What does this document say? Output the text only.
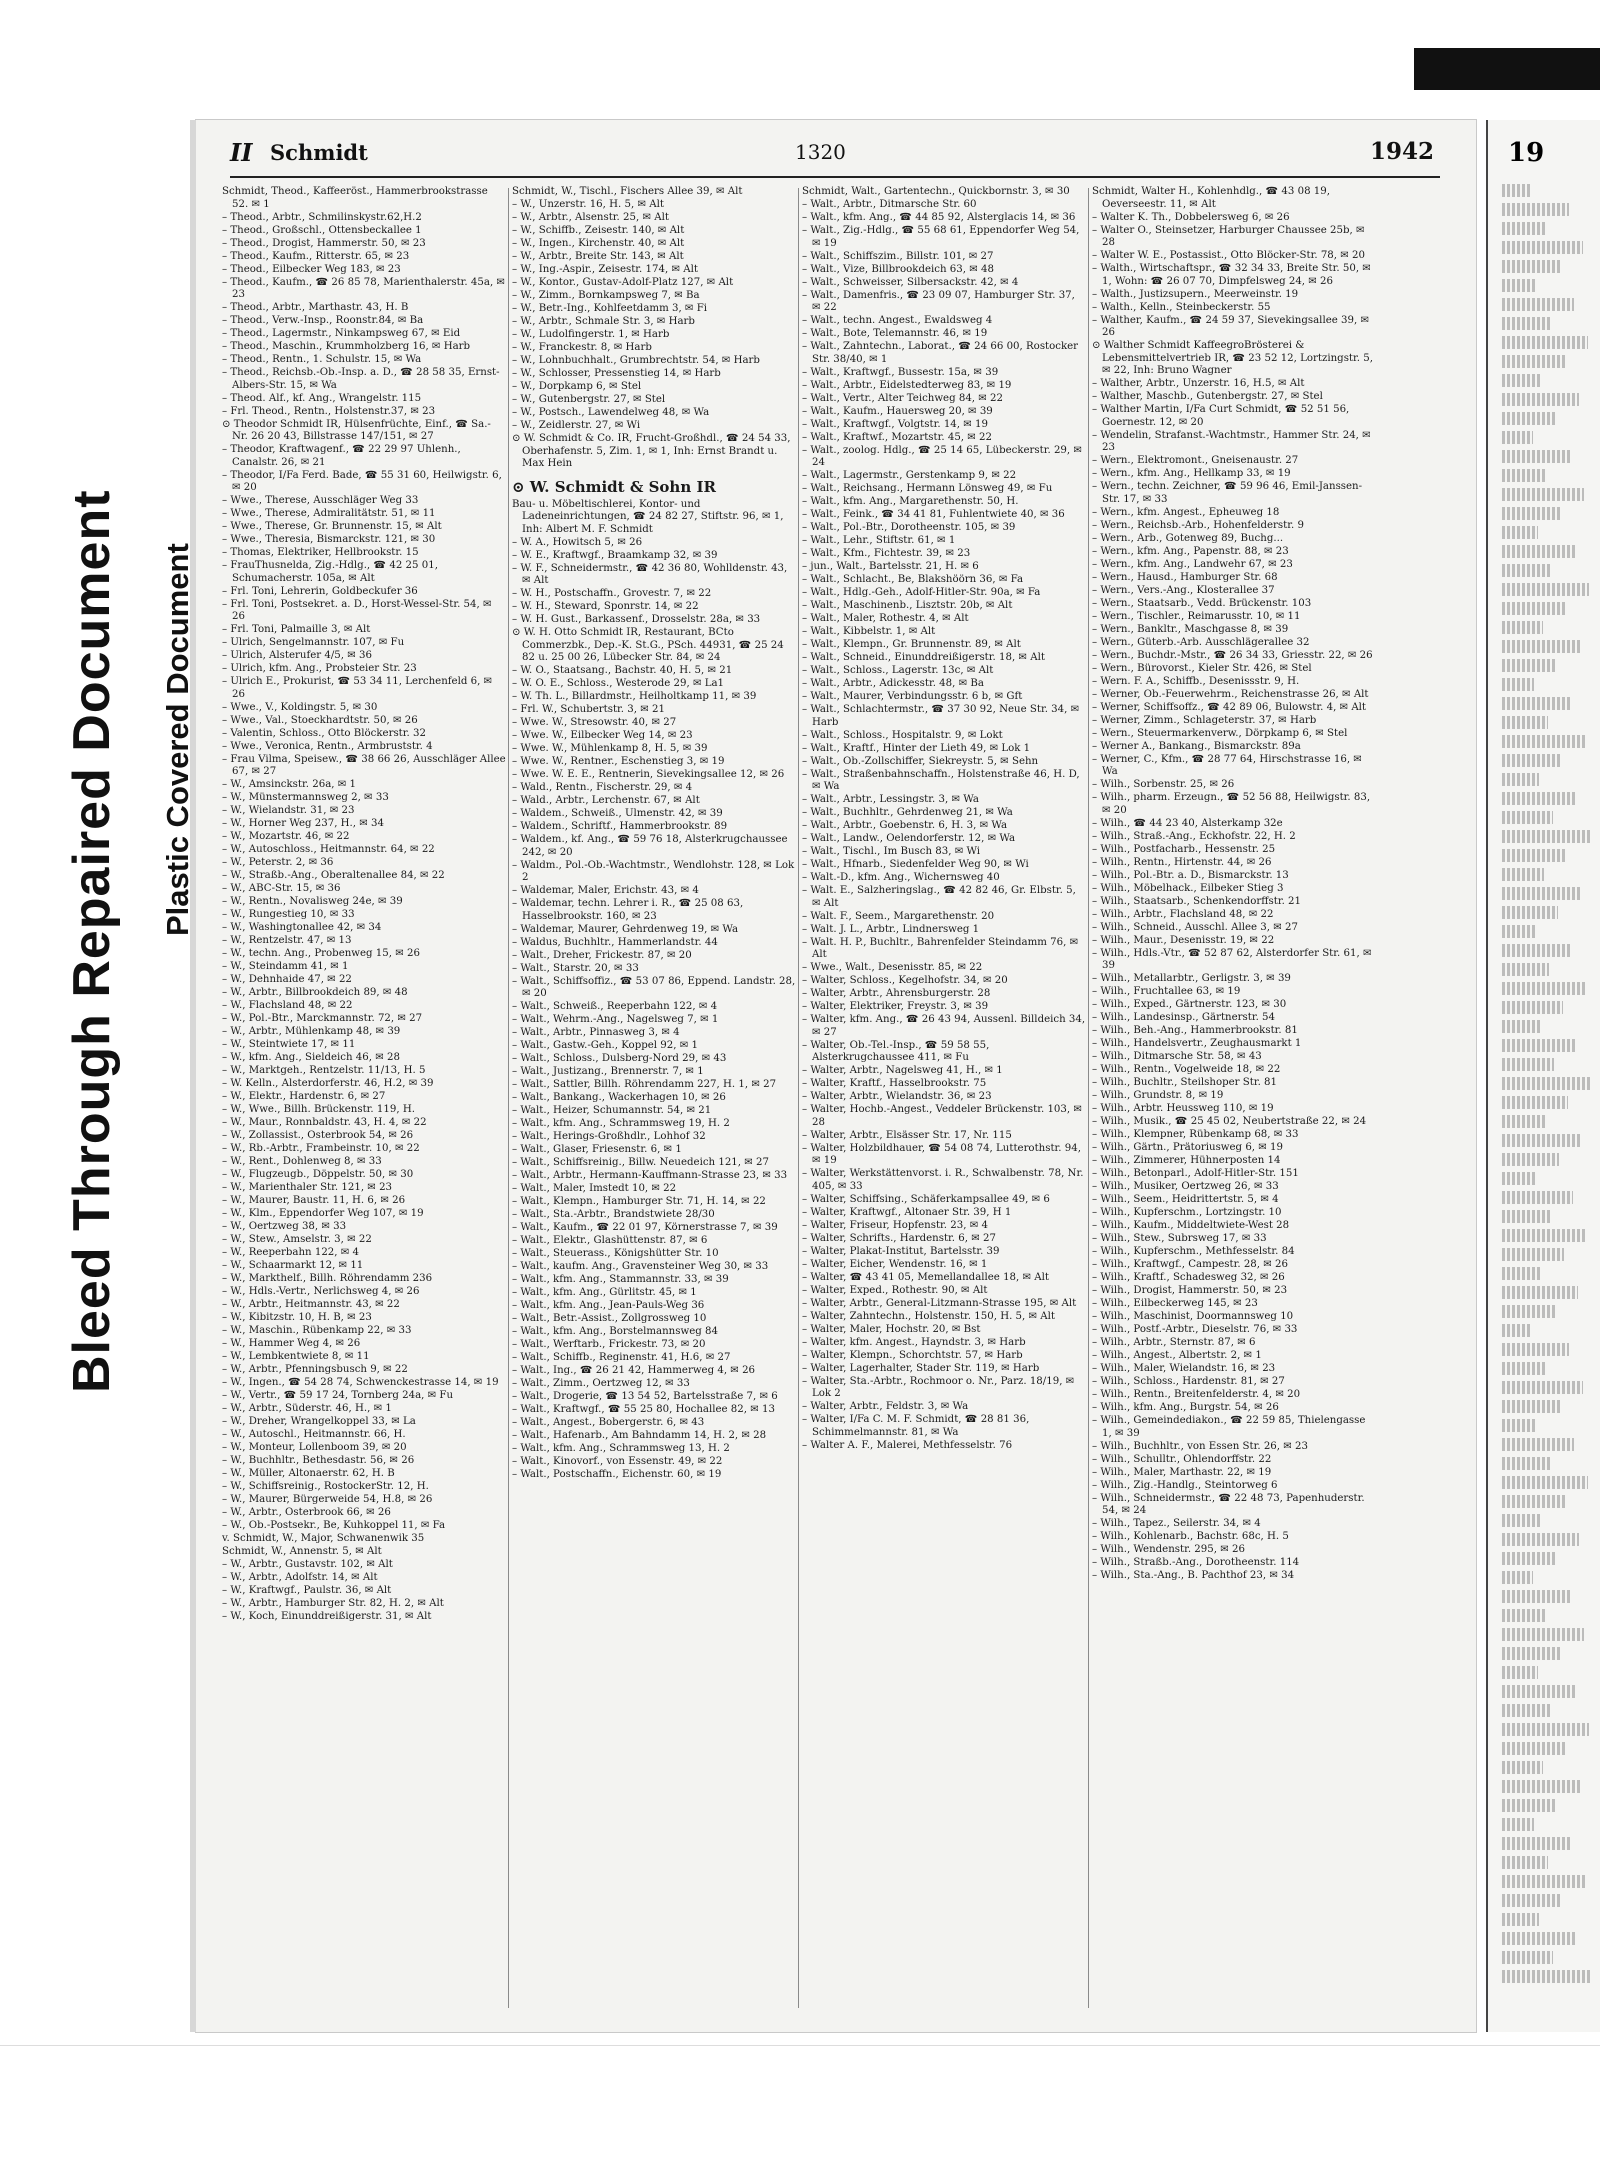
Bleed Through Repaired Document Plastic Covered Document
II Schmidt	1320	1942
Schmidt, Theod., Kaffeeröst., Hammerbrookstrasse 52. ✉ 1
– Theod., Arbtr., Schmilinskystr.62,H.2
– Theod., Großschl., Ottensbeckallee 1
– Theod., Drogist, Hammerstr. 50, ✉ 23
– Theod., Kaufm., Ritterstr. 65, ✉ 23
– Theod., Eilbecker Weg 183, ✉ 23
– Theod., Kaufm., ☎ 26 85 78, Marienthalerstr. 45a, ✉ 23
– Theod., Arbtr., Marthastr. 43, H. B
– Theod., Verw.-Insp., Roonstr.84, ✉ Ba
– Theod., Lagermstr., Ninkampsweg 67, ✉ Eid
– Theod., Maschin., Krummholzberg 16, ✉ Harb
– Theod., Rentn., 1. Schulstr. 15, ✉ Wa
– Theod., Reichsb.-Ob.-Insp. a. D., ☎ 28 58 35, Ernst-Albers-Str. 15, ✉ Wa
– Theod. Alf., kf. Ang., Wrangelstr. 115
– Frl. Theod., Rentn., Holstenstr.37, ✉ 23
⊙ Theodor Schmidt IR, Hülsenfrüchte, Einf., ☎ Sa.-Nr. 26 20 43, Billstrasse 147/151, ✉ 27
– Theodor, Kraftwagenf., ☎ 22 29 97 Uhlenh., Canalstr. 26, ✉ 21
– Theodor, I/Fa Ferd. Bade, ☎ 55 31 60, Heilwigstr. 6, ✉ 20
– Wwe., Therese, Ausschläger Weg 33
– Wwe., Therese, Admiralitätstr. 51, ✉ 11
– Wwe., Therese, Gr. Brunnenstr. 15, ✉ Alt
– Wwe., Theresia, Bismarckstr. 121, ✉ 30
– Thomas, Elektriker, Hellbrookstr. 15
– FrauThusnelda, Zig.-Hdlg., ☎ 42 25 01, Schumacherstr. 105a, ✉ Alt
– Frl. Toni, Lehrerin, Goldbeckufer 36
– Frl. Toni, Postsekret. a. D., Horst-Wessel-Str. 54, ✉ 26
– Frl. Toni, Palmaille 3, ✉ Alt
– Ulrich, Sengelmannstr. 107, ✉ Fu
– Ulrich, Alsterufer 4/5, ✉ 36
– Ulrich, kfm. Ang., Probsteier Str. 23
– Ulrich E., Prokurist, ☎ 53 34 11, Lerchenfeld 6, ✉ 26
– Wwe., V., Koldingstr. 5, ✉ 30
– Wwe., Val., Stoeckhardtstr. 50, ✉ 26
– Valentin, Schloss., Otto Blöckerstr. 32
– Wwe., Veronica, Rentn., Armbruststr. 4
– Frau Vilma, Speisew., ☎ 38 66 26, Ausschläger Allee 67, ✉ 27
– W., Amsinckstr. 26a, ✉ 1
– W., Münstermannsweg 2, ✉ 33
– W., Wielandstr. 31, ✉ 23
– W., Horner Weg 237, H., ✉ 34
– W., Mozartstr. 46, ✉ 22
– W., Autoschloss., Heitmannstr. 64, ✉ 22
– W., Peterstr. 2, ✉ 36
– W., Straßb.-Ang., Oberaltenallee 84, ✉ 22
– W., ABC-Str. 15, ✉ 36
– W., Rentn., Novalisweg 24e, ✉ 39
– W., Rungestieg 10, ✉ 33
– W., Washingtonallee 42, ✉ 34
– W., Rentzelstr. 47, ✉ 13
– W., techn. Ang., Probenweg 15, ✉ 26
– W., Steindamm 41, ✉ 1
– W., Dehnhaide 47, ✉ 22
– W., Arbtr., Billbrookdeich 89, ✉ 48
– W., Flachsland 48, ✉ 22
– W., Pol.-Btr., Marckmannstr. 72, ✉ 27
– W., Arbtr., Mühlenkamp 48, ✉ 39
– W., Steintwiete 17, ✉ 11
– W., kfm. Ang., Sieldeich 46, ✉ 28
– W., Marktgeh., Rentzelstr. 11/13, H. 5
– W. Kelln., Alsterdorferstr. 46, H.2, ✉ 39
– W., Elektr., Hardenstr. 6, ✉ 27
– W., Wwe., Billh. Brückenstr. 119, H.
– W., Maur., Ronnbaldstr. 43, H. 4, ✉ 22
– W., Zollassist., Osterbrook 54, ✉ 26
– W., Rb.-Arbtr., Frambeinstr. 10, ✉ 22
– W., Rent., Dohlenweg 8, ✉ 33
– W., Flugzeugb., Döppelstr. 50, ✉ 30
– W., Marienthaler Str. 121, ✉ 23
– W., Maurer, Baustr. 11, H. 6, ✉ 26
– W., Klm., Eppendorfer Weg 107, ✉ 19
– W., Oertzweg 38, ✉ 33
– W., Stew., Amselstr. 3, ✉ 22
– W., Reeperbahn 122, ✉ 4
– W., Schaarmarkt 12, ✉ 11
– W., Markthelf., Billh. Röhrendamm 236
– W., Hdls.-Vertr., Nerlichsweg 4, ✉ 26
– W., Arbtr., Heitmannstr. 43, ✉ 22
– W., Kibitzstr. 10, H. B, ✉ 23
– W., Maschin., Rübenkamp 22, ✉ 33
– W., Hammer Weg 4, ✉ 26
– W., Lembkentwiete 8, ✉ 11
– W., Arbtr., Pfenningsbusch 9, ✉ 22
– W., Ingen., ☎ 54 28 74, Schwenckestrasse 14, ✉ 19
– W., Vertr., ☎ 59 17 24, Tornberg 24a, ✉ Fu
– W., Arbtr., Süderstr. 46, H., ✉ 1
– W., Dreher, Wrangelkoppel 33, ✉ La
– W., Autoschl., Heitmannstr. 66, H.
– W., Monteur, Lollenboom 39, ✉ 20
– W., Buchhltr., Bethesdastr. 56, ✉ 26
– W., Müller, Altonaerstr. 62, H. B
– W., Schiffsreinig., RostockerStr. 12, H.
– W., Maurer, Bürgerweide 54, H.8, ✉ 26
– W., Arbtr., Osterbrook 66, ✉ 26
– W., Ob.-Postsekr., Be, Kuhkoppel 11, ✉ Fa
v. Schmidt, W., Major, Schwanenwik 35
Schmidt, W., Annenstr. 5, ✉ Alt
– W., Arbtr., Gustavstr. 102, ✉ Alt
– W., Arbtr., Adolfstr. 14, ✉ Alt
– W., Kraftwgf., Paulstr. 36, ✉ Alt
– W., Arbtr., Hamburger Str. 82, H. 2, ✉ Alt
– W., Koch, Einunddreißigerstr. 31, ✉ Alt
Schmidt, W., Tischl., Fischers Allee 39, ✉ Alt
– W., Unzerstr. 16, H. 5, ✉ Alt
– W., Arbtr., Alsenstr. 25, ✉ Alt
– W., Schiffb., Zeisestr. 140, ✉ Alt
– W., Ingen., Kirchenstr. 40, ✉ Alt
– W., Arbtr., Breite Str. 143, ✉ Alt
– W., Ing.-Aspir., Zeisestr. 174, ✉ Alt
– W., Kontor., Gustav-Adolf-Platz 127, ✉ Alt
– W., Zimm., Bornkampsweg 7, ✉ Ba
– W., Betr.-Ing., Kohlfeetdamm 3, ✉ Fi
– W., Arbtr., Schmale Str. 3, ✉ Harb
– W., Ludolfingerstr. 1, ✉ Harb
– W., Franckestr. 8, ✉ Harb
– W., Lohnbuchhalt., Grumbrechtstr. 54, ✉ Harb
– W., Schlosser, Pressenstieg 14, ✉ Harb
– W., Dorpkamp 6, ✉ Stel
– W., Gutenbergstr. 27, ✉ Stel
– W., Postsch., Lawendelweg 48, ✉ Wa
– W., Zeidlerstr. 27, ✉ Wi
⊙ W. Schmidt & Co. IR, Frucht-Großhdl., ☎ 24 54 33, Oberhafenstr. 5, Zim. 1, ✉ 1, Inh: Ernst Brandt u. Max Hein
⊙ W. Schmidt & Sohn IR
Bau- u. Möbeltischlerei, Kontor- und Ladeneinrichtungen, ☎ 24 82 27, Stiftstr. 96, ✉ 1, Inh: Albert M. F. Schmidt
– W. A., Howitsch 5, ✉ 26
– W. E., Kraftwgf., Braamkamp 32, ✉ 39
– W. F., Schneidermstr., ☎ 42 36 80, Wohlldenstr. 43, ✉ Alt
– W. H., Postschaffn., Grovestr. 7, ✉ 22
– W. H., Steward, Sponrstr. 14, ✉ 22
– W. H. Gust., Barkassenf., Drosselstr. 28a, ✉ 33
⊙ W. H. Otto Schmidt IR, Restaurant, BCto Commerzbk., Dep.-K. St.G., PSch. 44931, ☎ 25 24 82 u. 25 00 26, Lübecker Str. 84, ✉ 24
– W. O., Staatsang., Bachstr. 40, H. 5, ✉ 21
– W. O. E., Schloss., Westerode 29, ✉ La1
– W. Th. L., Billardmstr., Heilholtkamp 11, ✉ 39
– Frl. W., Schubertstr. 3, ✉ 21
– Wwe. W., Stresowstr. 40, ✉ 27
– Wwe. W., Eilbecker Weg 14, ✉ 23
– Wwe. W., Mühlenkamp 8, H. 5, ✉ 39
– Wwe. W., Rentner., Eschenstieg 3, ✉ 19
– Wwe. W. E. E., Rentnerin, Sievekingsallee 12, ✉ 26
– Wald., Rentn., Fischerstr. 29, ✉ 4
– Wald., Arbtr., Lerchenstr. 67, ✉ Alt
– Waldem., Schweiß., Ulmenstr. 42, ✉ 39
– Waldem., Schriftf., Hammerbrookstr. 89
– Waldem., kf. Ang., ☎ 59 76 18, Alsterkrugchaussee 242, ✉ 20
– Waldm., Pol.-Ob.-Wachtmstr., Wendlohstr. 128, ✉ Lok 2
– Waldemar, Maler, Erichstr. 43, ✉ 4
– Waldemar, techn. Lehrer i. R., ☎ 25 08 63, Hasselbrookstr. 160, ✉ 23
– Waldemar, Maurer, Gehrdenweg 19, ✉ Wa
– Waldus, Buchhltr., Hammerlandstr. 44
– Walt., Dreher, Frickestr. 87, ✉ 20
– Walt., Starstr. 20, ✉ 33
– Walt., Schiffsoffiz., ☎ 53 07 86, Eppend. Landstr. 28, ✉ 20
– Walt., Schweiß., Reeperbahn 122, ✉ 4
– Walt., Wehrm.-Ang., Nagelsweg 7, ✉ 1
– Walt., Arbtr., Pinnasweg 3, ✉ 4
– Walt., Gastw.-Geh., Koppel 92, ✉ 1
– Walt., Schloss., Dulsberg-Nord 29, ✉ 43
– Walt., Justizang., Brennerstr. 7, ✉ 1
– Walt., Sattler, Billh. Röhrendamm 227, H. 1, ✉ 27
– Walt., Bankang., Wackerhagen 10, ✉ 26
– Walt., Heizer, Schumannstr. 54, ✉ 21
– Walt., kfm. Ang., Schrammsweg 19, H. 2
– Walt., Herings-Großhdlr., Lohhof 32
– Walt., Glaser, Friesenstr. 6, ✉ 1
– Walt., Schiffsreinig., Billw. Neuedeich 121, ✉ 27
– Walt., Arbtr., Hermann-Kauffmann-Strasse 23, ✉ 33
– Walt., Maler, Imstedt 10, ✉ 22
– Walt., Klempn., Hamburger Str. 71, H. 14, ✉ 22
– Walt., Sta.-Arbtr., Brandstwiete 28/30
– Walt., Kaufm., ☎ 22 01 97, Körnerstrasse 7, ✉ 39
– Walt., Elektr., Glashüttenstr. 87, ✉ 6
– Walt., Steuerass., Königshütter Str. 10
– Walt., kaufm. Ang., Gravensteiner Weg 30, ✉ 33
– Walt., kfm. Ang., Stammannstr. 33, ✉ 39
– Walt., kfm. Ang., Gürlitstr. 45, ✉ 1
– Walt., kfm. Ang., Jean-Pauls-Weg 36
– Walt., Betr.-Assist., Zollgrossweg 10
– Walt., kfm. Ang., Borstelmannsweg 84
– Walt., Werftarb., Frickestr. 73, ✉ 20
– Walt., Schiffb., Reginenstr. 41, H.6, ✉ 27
– Walt., Ing., ☎ 26 21 42, Hammerweg 4, ✉ 26
– Walt., Zimm., Oertzweg 12, ✉ 33
– Walt., Drogerie, ☎ 13 54 52, Bartelsstraße 7, ✉ 6
– Walt., Kraftwgf., ☎ 55 25 80, Hochallee 82, ✉ 13
– Walt., Angest., Bobergerstr. 6, ✉ 43
– Walt., Hafenarb., Am Bahndamm 14, H. 2, ✉ 28
– Walt., kfm. Ang., Schrammsweg 13, H. 2
– Walt., Kinovorf., von Essenstr. 49, ✉ 22
– Walt., Postschaffn., Eichenstr. 60, ✉ 19
Schmidt, Walt., Gartentechn., Quickbornstr. 3, ✉ 30
– Walt., Arbtr., Ditmarsche Str. 60
– Walt., kfm. Ang., ☎ 44 85 92, Alsterglacis 14, ✉ 36
– Walt., Zig.-Hdlg., ☎ 55 68 61, Eppendorfer Weg 54, ✉ 19
– Walt., Schiffszim., Billstr. 101, ✉ 27
– Walt., Vize, Billbrookdeich 63, ✉ 48
– Walt., Schweisser, Silbersackstr. 42, ✉ 4
– Walt., Damenfris., ☎ 23 09 07, Hamburger Str. 37, ✉ 22
– Walt., techn. Angest., Ewaldsweg 4
– Walt., Bote, Telemannstr. 46, ✉ 19
– Walt., Zahntechn., Laborat., ☎ 24 66 00, Rostocker Str. 38/40, ✉ 1
– Walt., Kraftwgf., Bussestr. 15a, ✉ 39
– Walt., Arbtr., Eidelstedterweg 83, ✉ 19
– Walt., Vertr., Alter Teichweg 84, ✉ 22
– Walt., Kaufm., Hauersweg 20, ✉ 39
– Walt., Kraftwgf., Volgtstr. 14, ✉ 19
– Walt., Kraftwf., Mozartstr. 45, ✉ 22
– Walt., zoolog. Hdlg., ☎ 25 14 65, Lübeckerstr. 29, ✉ 24
– Walt., Lagermstr., Gerstenkamp 9, ✉ 22
– Walt., Reichsang., Hermann Lönsweg 49, ✉ Fu
– Walt., kfm. Ang., Margarethenstr. 50, H.
– Walt., Feink., ☎ 34 41 81, Fuhlentwiete 40, ✉ 36
– Walt., Pol.-Btr., Dorotheenstr. 105, ✉ 39
– Walt., Lehr., Stiftstr. 61, ✉ 1
– Walt., Kfm., Fichtestr. 39, ✉ 23
– jun., Walt., Bartelsstr. 21, H. ✉ 6
– Walt., Schlacht., Be, Blakshöörn 36, ✉ Fa
– Walt., Hdlg.-Geh., Adolf-Hitler-Str. 90a, ✉ Fa
– Walt., Maschinenb., Lisztstr. 20b, ✉ Alt
– Walt., Maler, Rothestr. 4, ✉ Alt
– Walt., Kibbelstr. 1, ✉ Alt
– Walt., Klempn., Gr. Brunnenstr. 89, ✉ Alt
– Walt., Schneid., Einunddreißigerstr. 18, ✉ Alt
– Walt., Schloss., Lagerstr. 13c, ✉ Alt
– Walt., Arbtr., Adickesstr. 48, ✉ Ba
– Walt., Maurer, Verbindungsstr. 6 b, ✉ Gft
– Walt., Schlachtermstr., ☎ 37 30 92, Neue Str. 34, ✉ Harb
– Walt., Schloss., Hospitalstr. 9, ✉ Lokt
– Walt., Kraftf., Hinter der Lieth 49, ✉ Lok 1
– Walt., Ob.-Zollschiffer, Siekreystr. 5, ✉ Sehn
– Walt., Straßenbahnschaffn., Holstenstraße 46, H. D, ✉ Wa
– Walt., Arbtr., Lessingstr. 3, ✉ Wa
– Walt., Buchhltr., Gehrdenweg 21, ✉ Wa
– Walt., Arbtr., Goebenstr. 6, H. 3, ✉ Wa
– Walt., Landw., Oelendorferstr. 12, ✉ Wa
– Walt., Tischl., Im Busch 83, ✉ Wi
– Walt., Hfnarb., Siedenfelder Weg 90, ✉ Wi
– Walt.-D., kfm. Ang., Wichernsweg 40
– Walt. E., Salzheringslag., ☎ 42 82 46, Gr. Elbstr. 5, ✉ Alt
– Walt. F., Seem., Margarethenstr. 20
– Walt. J. L., Arbtr., Lindnersweg 1
– Walt. H. P., Buchltr., Bahrenfelder Steindamm 76, ✉ Alt
– Wwe., Walt., Desenisstr. 85, ✉ 22
– Walter, Schloss., Kegelhofstr. 34, ✉ 20
– Walter, Arbtr., Ahrensburgerstr. 28
– Walter, Elektriker, Freystr. 3, ✉ 39
– Walter, kfm. Ang., ☎ 26 43 94, Aussenl. Billdeich 34, ✉ 27
– Walter, Ob.-Tel.-Insp., ☎ 59 58 55, Alsterkrugchaussee 411, ✉ Fu
– Walter, Arbtr., Nagelsweg 41, H., ✉ 1
– Walter, Kraftf., Hasselbrookstr. 75
– Walter, Arbtr., Wielandstr. 36, ✉ 23
– Walter, Hochb.-Angest., Veddeler Brückenstr. 103, ✉ 28
– Walter, Arbtr., Elsässer Str. 17, Nr. 115
– Walter, Holzbildhauer, ☎ 54 08 74, Lutterothstr. 94, ✉ 19
– Walter, Werkstättenvorst. i. R., Schwalbenstr. 78, Nr. 405, ✉ 33
– Walter, Schiffsing., Schäferkampsallee 49, ✉ 6
– Walter, Kraftwgf., Altonaer Str. 39, H 1
– Walter, Friseur, Hopfenstr. 23, ✉ 4
– Walter, Schrifts., Hardenstr. 6, ✉ 27
– Walter, Plakat-Institut, Bartelsstr. 39
– Walter, Eicher, Wendenstr. 16, ✉ 1
– Walter, ☎ 43 41 05, Memellandallee 18, ✉ Alt
– Walter, Exped., Rothestr. 90, ✉ Alt
– Walter, Arbtr., General-Litzmann-Strasse 195, ✉ Alt
– Walter, Zahntechn., Holstenstr. 150, H. 5, ✉ Alt
– Walter, Maler, Hochstr. 20, ✉ Bst
– Walter, kfm. Angest., Hayndstr. 3, ✉ Harb
– Walter, Klempn., Schorchtstr. 57, ✉ Harb
– Walter, Lagerhalter, Stader Str. 119, ✉ Harb
– Walter, Sta.-Arbtr., Rochmoor o. Nr., Parz. 18/19, ✉ Lok 2
– Walter, Arbtr., Feldstr. 3, ✉ Wa
– Walter, I/Fa C. M. F. Schmidt, ☎ 28 81 36, Schimmelmannstr. 81, ✉ Wa
– Walter A. F., Malerei, Methfesselstr. 76
Schmidt, Walter H., Kohlenhdlg., ☎ 43 08 19, Oeverseestr. 11, ✉ Alt
– Walter K. Th., Dobbelersweg 6, ✉ 26
– Walter O., Steinsetzer, Harburger Chaussee 25b, ✉ 28
– Walter W. E., Postassist., Otto Blöcker-Str. 78, ✉ 20
– Walth., Wirtschaftspr., ☎ 32 34 33, Breite Str. 50, ✉ 1, Wohn: ☎ 26 07 70, Dimpfelsweg 24, ✉ 26
– Walth., Justizsupern., Meerweinstr. 19
– Walth., Kelln., Steinbeckerstr. 55
– Walther, Kaufm., ☎ 24 59 37, Sievekingsallee 39, ✉ 26
⊙ Walther Schmidt KaffeegroBrösterei & Lebensmittelvertrieb IR, ☎ 23 52 12, Lortzingstr. 5, ✉ 22, Inh: Bruno Wagner
– Walther, Arbtr., Unzerstr. 16, H.5, ✉ Alt
– Walther, Maschb., Gutenbergstr. 27, ✉ Stel
– Walther Martin, I/Fa Curt Schmidt, ☎ 52 51 56, Goernestr. 12, ✉ 20
– Wendelin, Strafanst.-Wachtmstr., Hammer Str. 24, ✉ 23
– Wern., Elektromont., Gneisenaustr. 27
– Wern., kfm. Ang., Hellkamp 33, ✉ 19
– Wern., techn. Zeichner, ☎ 59 96 46, Emil-Janssen-Str. 17, ✉ 33
– Wern., kfm. Angest., Epheuweg 18
– Wern., Reichsb.-Arb., Hohenfelderstr. 9
– Wern., Arb., Gotenweg 89, Buchg...
– Wern., kfm. Ang., Papenstr. 88, ✉ 23
– Wern., kfm. Ang., Landwehr 67, ✉ 23
– Wern., Hausd., Hamburger Str. 68
– Wern., Vers.-Ang., Klosterallee 37
– Wern., Staatsarb., Vedd. Brückenstr. 103
– Wern., Tischler., Reimarusstr. 10, ✉ 11
– Wern., Bankltr., Maschgasse 8, ✉ 39
– Wern., Güterb.-Arb. Ausschlägerallee 32
– Wern., Buchdr.-Mstr., ☎ 26 34 33, Griesstr. 22, ✉ 26
– Wern., Bürovorst., Kieler Str. 426, ✉ Stel
– Wern. F. A., Schiffb., Desenissstr. 9, H.
– Werner, Ob.-Feuerwehrm., Reichenstrasse 26, ✉ Alt
– Werner, Schiffsoffz., ☎ 42 89 06, Bulowstr. 4, ✉ Alt
– Werner, Zimm., Schlageterstr. 37, ✉ Harb
– Wern., Steuermarkenverw., Dörpkamp 6, ✉ Stel
– Werner A., Bankang., Bismarckstr. 89a
– Werner, C., Kfm., ☎ 28 77 64, Hirschstrasse 16, ✉ Wa
– Wilh., Sorbenstr. 25, ✉ 26
– Wilh., pharm. Erzeugn., ☎ 52 56 88, Heilwigstr. 83, ✉ 20
– Wilh., ☎ 44 23 40, Alsterkamp 32e
– Wilh., Straß.-Ang., Eckhofstr. 22, H. 2
– Wilh., Postfacharb., Hessenstr. 25
– Wilh., Rentn., Hirtenstr. 44, ✉ 26
– Wilh., Pol.-Btr. a. D., Bismarckstr. 13
– Wilh., Möbelhack., Eilbeker Stieg 3
– Wilh., Staatsarb., Schenkendorffstr. 21
– Wilh., Arbtr., Flachsland 48, ✉ 22
– Wilh., Schneid., Ausschl. Allee 3, ✉ 27
– Wilh., Maur., Desenisstr. 19, ✉ 22
– Wilh., Hdls.-Vtr., ☎ 52 87 62, Alsterdorfer Str. 61, ✉ 39
– Wilh., Metallarbtr., Gerligstr. 3, ✉ 39
– Wilh., Fruchtallee 63, ✉ 19
– Wilh., Exped., Gärtnerstr. 123, ✉ 30
– Wilh., Landesinsp., Gärtnerstr. 54
– Wilh., Beh.-Ang., Hammerbrookstr. 81
– Wilh., Handelsvertr., Zeughausmarkt 1
– Wilh., Ditmarsche Str. 58, ✉ 43
– Wilh., Rentn., Vogelweide 18, ✉ 22
– Wilh., Buchltr., Steilshoper Str. 81
– Wilh., Grundstr. 8, ✉ 19
– Wilh., Arbtr. Heussweg 110, ✉ 19
– Wilh., Musik., ☎ 25 45 02, Neubertstraße 22, ✉ 24
– Wilh., Klempner, Rübenkamp 68, ✉ 33
– Wilh., Gärtn., Prätoriusweg 6, ✉ 19
– Wilh., Zimmerer, Hühnerposten 14
– Wilh., Betonparl., Adolf-Hitler-Str. 151
– Wilh., Musiker, Oertzweg 26, ✉ 33
– Wilh., Seem., Heidrittertstr. 5, ✉ 4
– Wilh., Kupferschm., Lortzingstr. 10
– Wilh., Kaufm., Middeltwiete-West 28
– Wilh., Stew., Subrsweg 17, ✉ 33
– Wilh., Kupferschm., Methfesselstr. 84
– Wilh., Kraftwgf., Campestr. 28, ✉ 26
– Wilh., Kraftf., Schadesweg 32, ✉ 26
– Wilh., Drogist, Hammerstr. 50, ✉ 23
– Wilh., Eilbeckerweg 145, ✉ 23
– Wilh., Maschinist, Doormannsweg 10
– Wilh., Postf.-Arbtr., Dieselstr. 76, ✉ 33
– Wilh., Arbtr., Sternstr. 87, ✉ 6
– Wilh., Angest., Albertstr. 2, ✉ 1
– Wilh., Maler, Wielandstr. 16, ✉ 23
– Wilh., Schloss., Hardenstr. 81, ✉ 27
– Wilh., Rentn., Breitenfelderstr. 4, ✉ 20
– Wilh., kfm. Ang., Burgstr. 54, ✉ 26
– Wilh., Gemeindediakon., ☎ 22 59 85, Thielengasse 1, ✉ 39
– Wilh., Buchhltr., von Essen Str. 26, ✉ 23
– Wilh., Schulltr., Ohlendorffstr. 22
– Wilh., Maler, Marthastr. 22, ✉ 19
– Wilh., Zig.-Handlg., Steintorweg 6
– Wilh., Schneidermstr., ☎ 22 48 73, Papenhuderstr. 54, ✉ 24
– Wilh., Tapez., Seilerstr. 34, ✉ 4
– Wilh., Kohlenarb., Bachstr. 68c, H. 5
– Wilh., Wendenstr. 295, ✉ 26
– Wilh., Straßb.-Ang., Dorotheenstr. 114
– Wilh., Sta.-Ang., B. Pachthof 23, ✉ 34
19
